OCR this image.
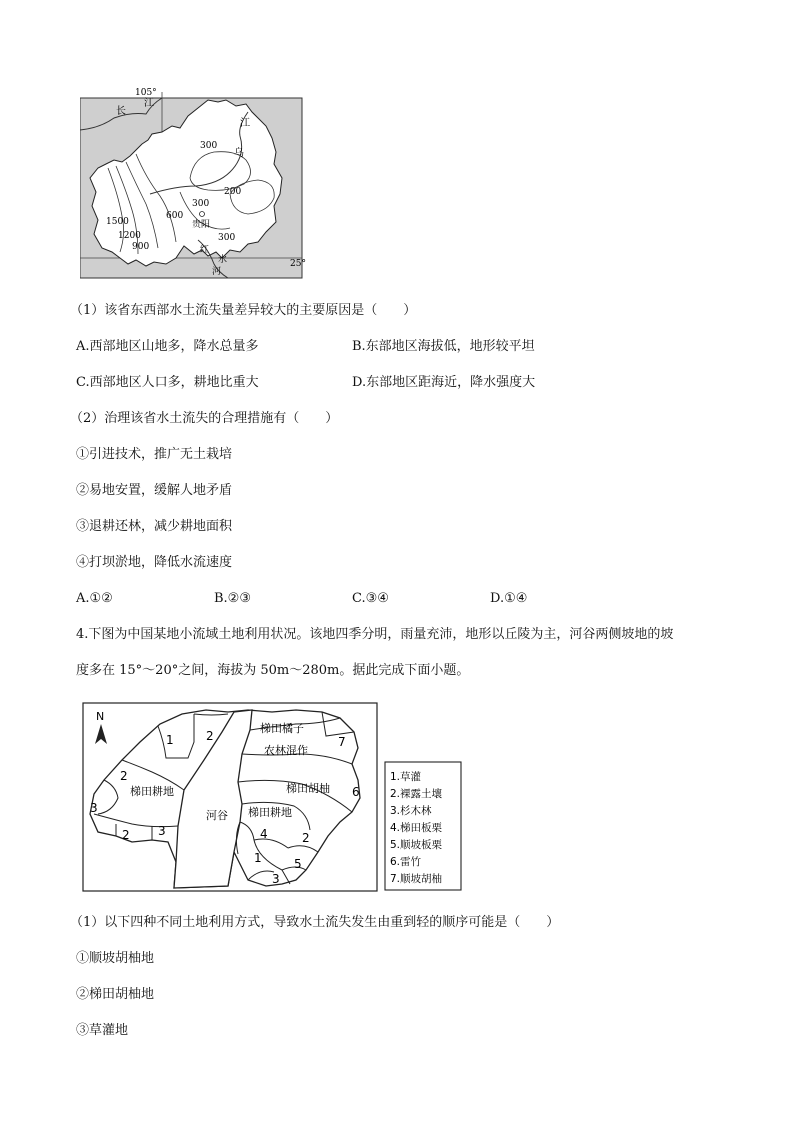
105°
25°
长
江
江
乌
300
200
300
600
300
1500
1200
900
贵阳
红
水
河
（1）该省东西部水土流失量差异较大的主要原因是（　　）
A.西部地区山地多，降水总量多	B.东部地区海拔低，地形较平坦
C.西部地区人口多，耕地比重大	D.东部地区距海近，降水强度大
（2）治理该省水土流失的合理措施有（　　）
①引进技术，推广无土栽培
②易地安置，缓解人地矛盾
③退耕还林，减少耕地面积
④打坝淤地，降低水流速度
A.①②	B.②③	C.③④	D.①④
4.下图为中国某地小流域土地利用状况。该地四季分明，雨量充沛，地形以丘陵为主，河谷两侧坡地的坡
度多在 15°～20°之间，海拔为 50m～280m。据此完成下面小题。
N
河谷
梯田橘子
农林混作
梯田胡柚
梯田耕地
梯田耕地
1	2
2
3
2 3
7
6
4	2
1	5
3
1.草灌
2.裸露土壤
3.杉木林
4.梯田板栗
5.顺坡板栗
6.雷竹
7.顺坡胡柚
（1）以下四种不同土地利用方式，导致水土流失发生由重到轻的顺序可能是（　　）
①顺坡胡柚地
②梯田胡柚地
③草灌地
